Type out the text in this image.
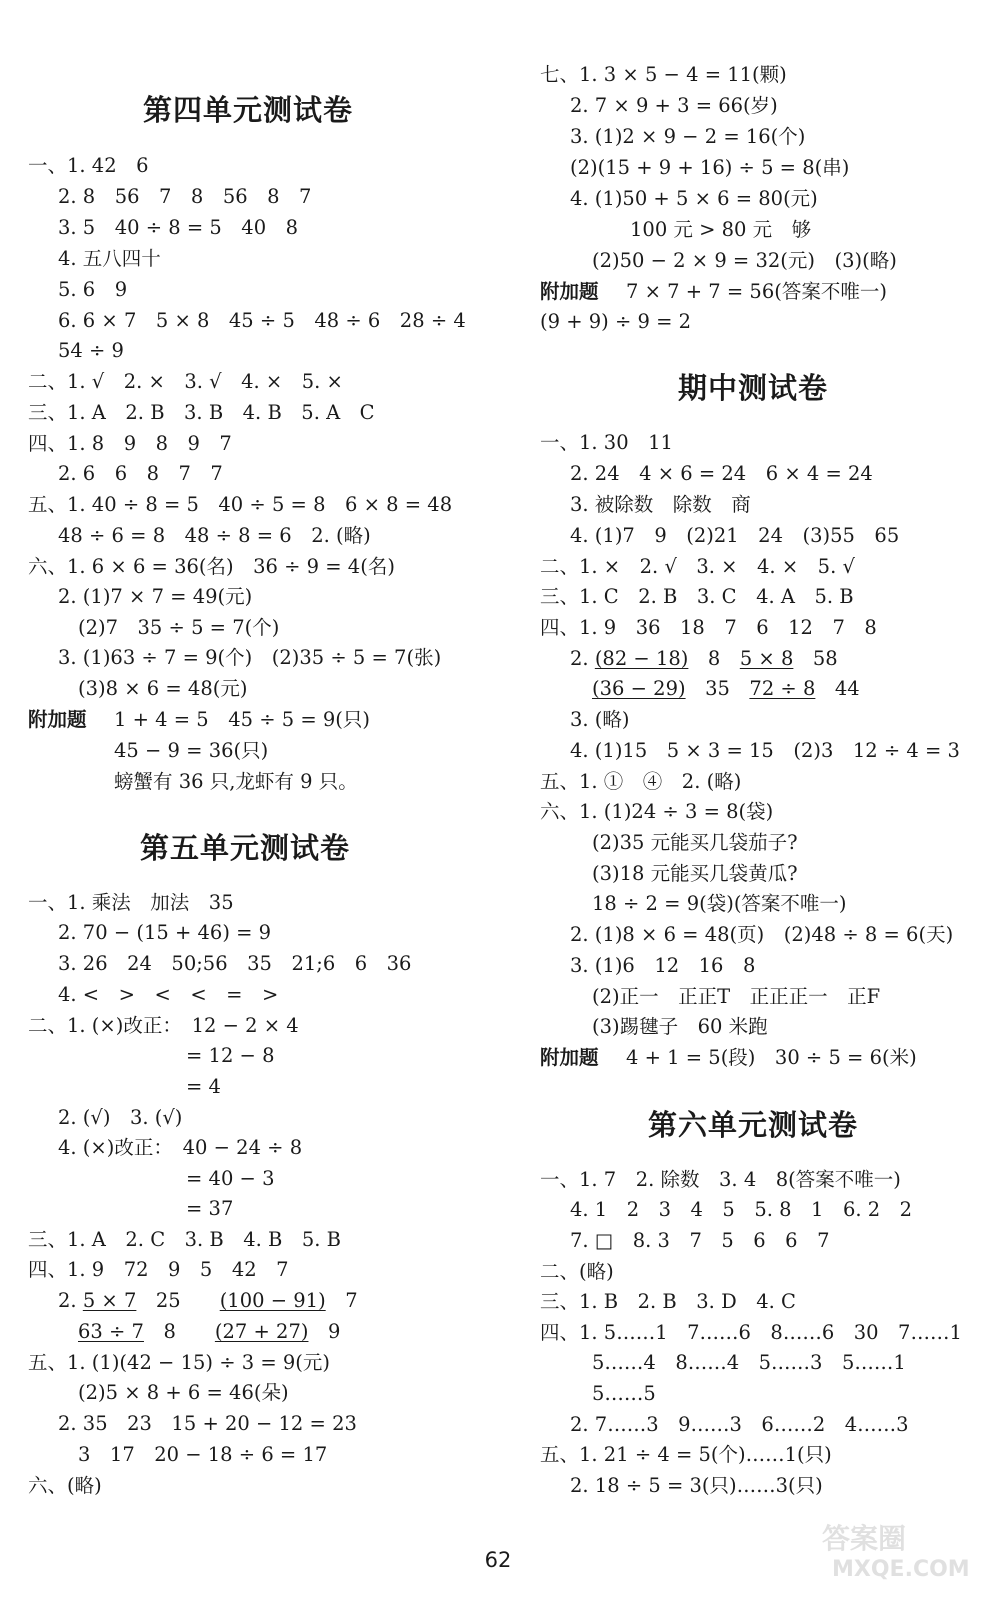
第四单元测试卷
第五单元测试卷
一、1. 42　6
2. 8　56　7　8　56　8　7
3. 5　40 ÷ 8 = 5　40　8
4. 五八四十
5. 6　9
6. 6 × 7　5 × 8　45 ÷ 5　48 ÷ 6　28 ÷ 4
54 ÷ 9
二、1. √　2. ×　3. √　4. ×　5. ×
三、1. A　2. B　3. B　4. B　5. A　C
四、1. 8　9　8　9　7
2. 6　6　8　7　7
五、1. 40 ÷ 8 = 5　40 ÷ 5 = 8　6 × 8 = 48
48 ÷ 6 = 8　48 ÷ 8 = 6　2. (略)
六、1. 6 × 6 = 36(名)　36 ÷ 9 = 4(名)
2. (1)7 × 7 = 49(元)
(2)7　35 ÷ 5 = 7(个)
3. (1)63 ÷ 7 = 9(个)　(2)35 ÷ 5 = 7(张)
(3)8 × 6 = 48(元)
附加题 1 + 4 = 5　45 ÷ 5 = 9(只)
45 − 9 = 36(只)
螃蟹有 36 只,龙虾有 9 只。
一、1. 乘法　加法　35
2. 70 − (15 + 46) = 9
3. 26　24　50;56　35　21;6　6　36
4. <　>　<　<　=　>
二、1. (×)改正：　12 − 2 × 4
= 12 − 8
= 4
2. (√)　3. (√)
4. (×)改正：　40 − 24 ÷ 8
= 40 − 3
= 37
三、1. A　2. C　3. B　4. B　5. B
四、1. 9　72　9　5　42　7
2. 5 × 7　25　　(100 − 91)　7
63 ÷ 7　8　　(27 + 27)　9
五、1. (1)(42 − 15) ÷ 3 = 9(元)
(2)5 × 8 + 6 = 46(朵)
2. 35　23　15 + 20 − 12 = 23
3　17　20 − 18 ÷ 6 = 17
六、(略)
期中测试卷
第六单元测试卷
七、1. 3 × 5 − 4 = 11(颗)
2. 7 × 9 + 3 = 66(岁)
3. (1)2 × 9 − 2 = 16(个)
(2)(15 + 9 + 16) ÷ 5 = 8(串)
4. (1)50 + 5 × 6 = 80(元)
100 元 > 80 元　够
(2)50 − 2 × 9 = 32(元)　(3)(略)
附加题 7 × 7 + 7 = 56(答案不唯一)
(9 + 9) ÷ 9 = 2
一、1. 30　11
2. 24　4 × 6 = 24　6 × 4 = 24
3. 被除数　除数　商
4. (1)7　9　(2)21　24　(3)55　65
二、1. ×　2. √　3. ×　4. ×　5. √
三、1. C　2. B　3. C　4. A　5. B
四、1. 9　36　18　7　6　12　7　8
2. (82 − 18)　8　5 × 8　58
(36 − 29)　35　72 ÷ 8　44
3. (略)
4. (1)15　5 × 3 = 15　(2)3　12 ÷ 4 = 3
五、1. ①　④　2. (略)
六、1. (1)24 ÷ 3 = 8(袋)
(2)35 元能买几袋茄子?
(3)18 元能买几袋黄瓜?
18 ÷ 2 = 9(袋)(答案不唯一)
2. (1)8 × 6 = 48(页)　(2)48 ÷ 8 = 6(天)
3. (1)6　12　16　8
(2)正一　正正T　正正正一　正F
(3)踢毽子　60 米跑
附加题 4 + 1 = 5(段)　30 ÷ 5 = 6(米)
一、1. 7　2. 除数　3. 4　8(答案不唯一)
4. 1　2　3　4　5　5. 8　1　6. 2　2
7. □　8. 3　7　5　6　6　7
二、(略)
三、1. B　2. B　3. D　4. C
四、1. 5……1　7……6　8……6　30　7……1
5……4　8……4　5……3　5……1
5……5
2. 7……3　9……3　6……2　4……3
五、1. 21 ÷ 4 = 5(个)……1(只)
2. 18 ÷ 5 = 3(只)……3(只)
62
答案圈
MXQE.COM
